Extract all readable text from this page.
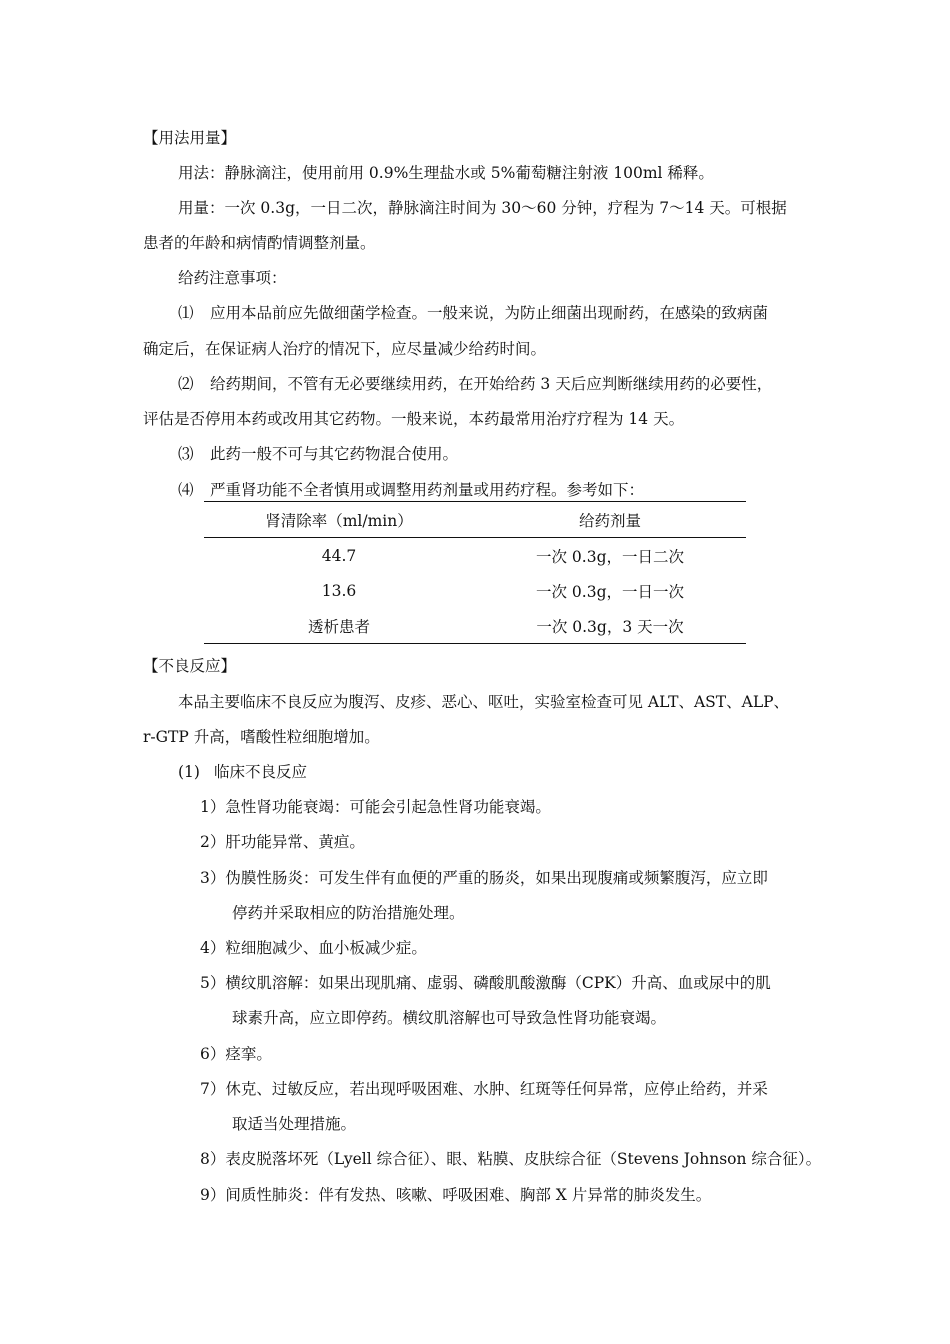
【用法用量】
用法：静脉滴注，使用前用 0.9%生理盐水或 5%葡萄糖注射液 100ml 稀释。
用量：一次 0.3g，一日二次，静脉滴注时间为 30～60 分钟，疗程为 7～14 天。可根据
患者的年龄和病情酌情调整剂量。
给药注意事项：
⑴ 应用本品前应先做细菌学检查。一般来说，为防止细菌出现耐药，在感染的致病菌
确定后，在保证病人治疗的情况下，应尽量减少给药时间。
⑵ 给药期间，不管有无必要继续用药，在开始给药 3 天后应判断继续用药的必要性，
评估是否停用本药或改用其它药物。一般来说，本药最常用治疗疗程为 14 天。
⑶ 此药一般不可与其它药物混合使用。
⑷ 严重肾功能不全者慎用或调整用药剂量或用药疗程。参考如下：
肾清除率（ml/min）	给药剂量
44.7	一次 0.3g，一日二次
13.6	一次 0.3g，一日一次
透析患者	一次 0.3g，3 天一次
【不良反应】
本品主要临床不良反应为腹泻、皮疹、恶心、呕吐，实验室检查可见 ALT、AST、ALP、
r-GTP 升高，嗜酸性粒细胞增加。
(1) 临床不良反应
1）急性肾功能衰竭：可能会引起急性肾功能衰竭。
2）肝功能异常、黄疸。
3）伪膜性肠炎：可发生伴有血便的严重的肠炎，如果出现腹痛或频繁腹泻，应立即
停药并采取相应的防治措施处理。
4）粒细胞减少、血小板减少症。
5）横纹肌溶解：如果出现肌痛、虚弱、磷酸肌酸激酶（CPK）升高、血或尿中的肌
球素升高，应立即停药。横纹肌溶解也可导致急性肾功能衰竭。
6）痉挛。
7）休克、过敏反应，若出现呼吸困难、水肿、红斑等任何异常，应停止给药，并采
取适当处理措施。
8）表皮脱落坏死（Lyell 综合征）、眼、粘膜、皮肤综合征（Stevens Johnson 综合征）。
9）间质性肺炎：伴有发热、咳嗽、呼吸困难、胸部 X 片异常的肺炎发生。
